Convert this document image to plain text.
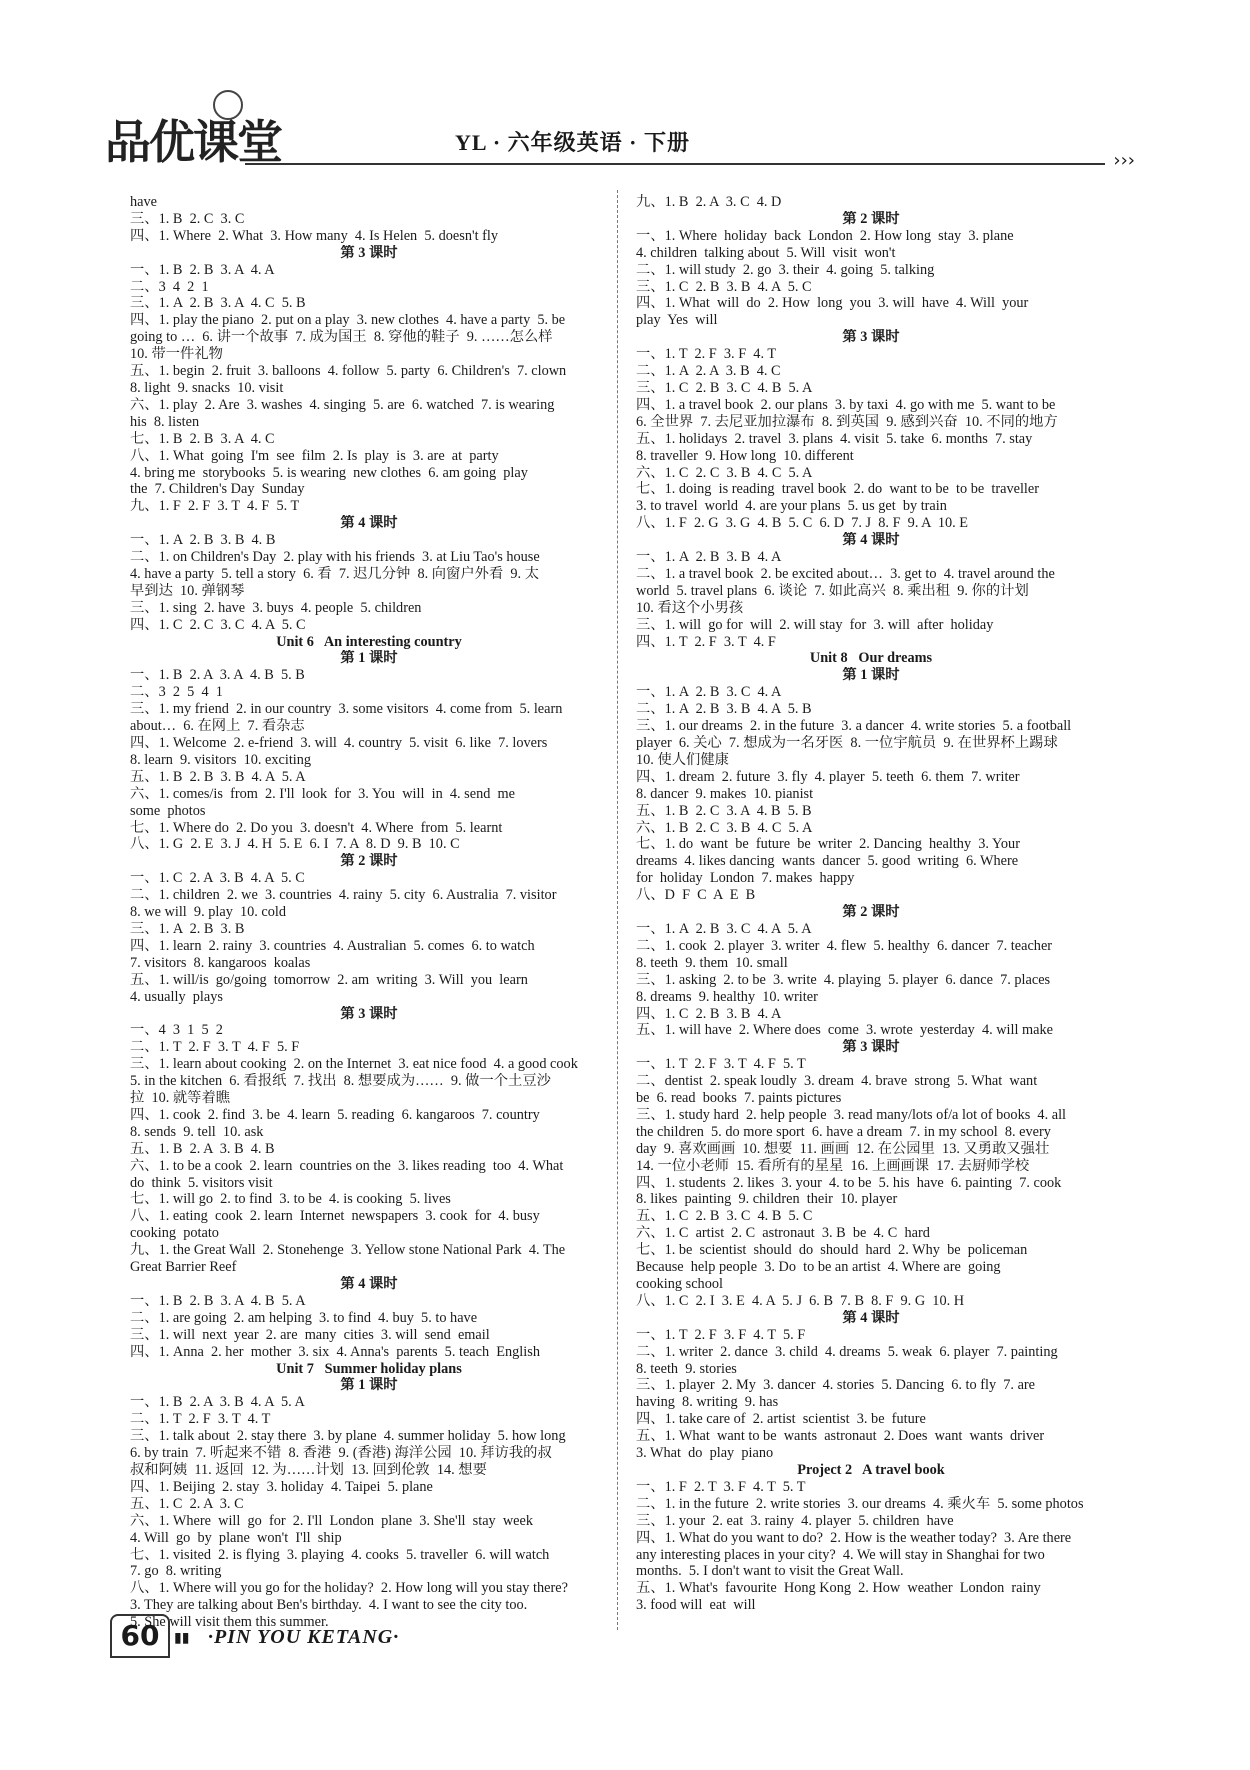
品优课堂	YL · 六年级英语 · 下册
›››
have
三、1. B  2. C  3. C
四、1. Where  2. What  3. How many  4. Is Helen  5. doesn't fly
第 3 课时
一、1. B  2. B  3. A  4. A
二、3  4  2  1
三、1. A  2. B  3. A  4. C  5. B
四、1. play the piano  2. put on a play  3. new clothes  4. have a party  5. be
going to …  6. 讲一个故事  7. 成为国王  8. 穿他的鞋子  9. ……怎么样
10. 带一件礼物
五、1. begin  2. fruit  3. balloons  4. follow  5. party  6. Children's  7. clown
8. light  9. snacks  10. visit
六、1. play  2. Are  3. washes  4. singing  5. are  6. watched  7. is wearing
his  8. listen
七、1. B  2. B  3. A  4. C
八、1. What  going  I'm  see  film  2. Is  play  is  3. are  at  party
4. bring me  storybooks  5. is wearing  new clothes  6. am going  play
the  7. Children's Day  Sunday
九、1. F  2. F  3. T  4. F  5. T
第 4 课时
一、1. A  2. B  3. B  4. B
二、1. on Children's Day  2. play with his friends  3. at Liu Tao's house
4. have a party  5. tell a story  6. 看  7. 迟几分钟  8. 向窗户外看  9. 太
早到达  10. 弹钢琴
三、1. sing  2. have  3. buys  4. people  5. children
四、1. C  2. C  3. C  4. A  5. C
Unit 6   An interesting country
第 1 课时
一、1. B  2. A  3. A  4. B  5. B
二、3  2  5  4  1
三、1. my friend  2. in our country  3. some visitors  4. come from  5. learn
about…  6. 在网上  7. 看杂志
四、1. Welcome  2. e-friend  3. will  4. country  5. visit  6. like  7. lovers
8. learn  9. visitors  10. exciting
五、1. B  2. B  3. B  4. A  5. A
六、1. comes/is  from  2. I'll  look  for  3. You  will  in  4. send  me
some  photos
七、1. Where do  2. Do you  3. doesn't  4. Where  from  5. learnt
八、1. G  2. E  3. J  4. H  5. E  6. I  7. A  8. D  9. B  10. C
第 2 课时
一、1. C  2. A  3. B  4. A  5. C
二、1. children  2. we  3. countries  4. rainy  5. city  6. Australia  7. visitor
8. we will  9. play  10. cold
三、1. A  2. B  3. B
四、1. learn  2. rainy  3. countries  4. Australian  5. comes  6. to watch
7. visitors  8. kangaroos  koalas
五、1. will/is  go/going  tomorrow  2. am  writing  3. Will  you  learn
4. usually  plays
第 3 课时
一、4  3  1  5  2
二、1. T  2. F  3. T  4. F  5. F
三、1. learn about cooking  2. on the Internet  3. eat nice food  4. a good cook
5. in the kitchen  6. 看报纸  7. 找出  8. 想要成为……  9. 做一个土豆沙
拉  10. 就等着瞧
四、1. cook  2. find  3. be  4. learn  5. reading  6. kangaroos  7. country
8. sends  9. tell  10. ask
五、1. B  2. A  3. B  4. B
六、1. to be a cook  2. learn  countries on the  3. likes reading  too  4. What
do  think  5. visitors visit
七、1. will go  2. to find  3. to be  4. is cooking  5. lives
八、1. eating  cook  2. learn  Internet  newspapers  3. cook  for  4. busy
cooking  potato
九、1. the Great Wall  2. Stonehenge  3. Yellow stone National Park  4. The
Great Barrier Reef
第 4 课时
一、1. B  2. B  3. A  4. B  5. A
二、1. are going  2. am helping  3. to find  4. buy  5. to have
三、1. will  next  year  2. are  many  cities  3. will  send  email
四、1. Anna  2. her  mother  3. six  4. Anna's  parents  5. teach  English
Unit 7   Summer holiday plans
第 1 课时
一、1. B  2. A  3. B  4. A  5. A
二、1. T  2. F  3. T  4. T
三、1. talk about  2. stay there  3. by plane  4. summer holiday  5. how long
6. by train  7. 听起来不错  8. 香港  9. (香港) 海洋公园  10. 拜访我的叔
叔和阿姨  11. 返回  12. 为……计划  13. 回到伦敦  14. 想要
四、1. Beijing  2. stay  3. holiday  4. Taipei  5. plane
五、1. C  2. A  3. C
六、1. Where  will  go  for  2. I'll  London  plane  3. She'll  stay  week
4. Will  go  by  plane  won't  I'll  ship
七、1. visited  2. is flying  3. playing  4. cooks  5. traveller  6. will watch
7. go  8. writing
八、1. Where will you go for the holiday?  2. How long will you stay there?
3. They are talking about Ben's birthday.  4. I want to see the city too.
5. She will visit them this summer.
九、1. B  2. A  3. C  4. D
第 2 课时
一、1. Where  holiday  back  London  2. How long  stay  3. plane
4. children  talking about  5. Will  visit  won't
二、1. will study  2. go  3. their  4. going  5. talking
三、1. C  2. B  3. B  4. A  5. C
四、1. What  will  do  2. How  long  you  3. will  have  4. Will  your
play  Yes  will
第 3 课时
一、1. T  2. F  3. F  4. T
二、1. A  2. A  3. B  4. C
三、1. C  2. B  3. C  4. B  5. A
四、1. a travel book  2. our plans  3. by taxi  4. go with me  5. want to be
6. 全世界  7. 去尼亚加拉瀑布  8. 到英国  9. 感到兴奋  10. 不同的地方
五、1. holidays  2. travel  3. plans  4. visit  5. take  6. months  7. stay
8. traveller  9. How long  10. different
六、1. C  2. C  3. B  4. C  5. A
七、1. doing  is reading  travel book  2. do  want to be  to be  traveller
3. to travel  world  4. are your plans  5. us get  by train
八、1. F  2. G  3. G  4. B  5. C  6. D  7. J  8. F  9. A  10. E
第 4 课时
一、1. A  2. B  3. B  4. A
二、1. a travel book  2. be excited about…  3. get to  4. travel around the
world  5. travel plans  6. 谈论  7. 如此高兴  8. 乘出租  9. 你的计划
10. 看这个小男孩
三、1. will  go for  will  2. will stay  for  3. will  after  holiday
四、1. T  2. F  3. T  4. F
Unit 8   Our dreams
第 1 课时
一、1. A  2. B  3. C  4. A
二、1. A  2. B  3. B  4. A  5. B
三、1. our dreams  2. in the future  3. a dancer  4. write stories  5. a football
player  6. 关心  7. 想成为一名牙医  8. 一位宇航员  9. 在世界杯上踢球
10. 使人们健康
四、1. dream  2. future  3. fly  4. player  5. teeth  6. them  7. writer
8. dancer  9. makes  10. pianist
五、1. B  2. C  3. A  4. B  5. B
六、1. B  2. C  3. B  4. C  5. A
七、1. do  want  be  future  be  writer  2. Dancing  healthy  3. Your
dreams  4. likes dancing  wants  dancer  5. good  writing  6. Where
for  holiday  London  7. makes  happy
八、D  F  C  A  E  B
第 2 课时
一、1. A  2. B  3. C  4. A  5. A
二、1. cook  2. player  3. writer  4. flew  5. healthy  6. dancer  7. teacher
8. teeth  9. them  10. small
三、1. asking  2. to be  3. write  4. playing  5. player  6. dance  7. places
8. dreams  9. healthy  10. writer
四、1. C  2. B  3. B  4. A
五、1. will have  2. Where does  come  3. wrote  yesterday  4. will make
第 3 课时
一、1. T  2. F  3. T  4. F  5. T
二、dentist  2. speak loudly  3. dream  4. brave  strong  5. What  want
be  6. read  books  7. paints pictures
三、1. study hard  2. help people  3. read many/lots of/a lot of books  4. all
the children  5. do more sport  6. have a dream  7. in my school  8. every
day  9. 喜欢画画  10. 想要  11. 画画  12. 在公园里  13. 又勇敢又强壮
14. 一位小老师  15. 看所有的星星  16. 上画画课  17. 去厨师学校
四、1. students  2. likes  3. your  4. to be  5. his  have  6. painting  7. cook
8. likes  painting  9. children  their  10. player
五、1. C  2. B  3. C  4. B  5. C
六、1. C  artist  2. C  astronaut  3. B  be  4. C  hard
七、1. be  scientist  should  do  should  hard  2. Why  be  policeman
Because  help people  3. Do  to be an artist  4. Where are  going
cooking school
八、1. C  2. I  3. E  4. A  5. J  6. B  7. B  8. F  9. G  10. H
第 4 课时
一、1. T  2. F  3. F  4. T  5. F
二、1. writer  2. dance  3. child  4. dreams  5. weak  6. player  7. painting
8. teeth  9. stories
三、1. player  2. My  3. dancer  4. stories  5. Dancing  6. to fly  7. are
having  8. writing  9. has
四、1. take care of  2. artist  scientist  3. be  future
五、1. What  want to be  wants  astronaut  2. Does  want  wants  driver
3. What  do  play  piano
Project 2   A travel book
一、1. F  2. T  3. F  4. T  5. T
二、1. in the future  2. write stories  3. our dreams  4. 乘火车  5. some photos
三、1. your  2. eat  3. rainy  4. player  5. children  have
四、1. What do you want to do?  2. How is the weather today?  3. Are there
any interesting places in your city?  4. We will stay in Shanghai for two
months.  5. I don't want to visit the Great Wall.
五、1. What's  favourite  Hong Kong  2. How  weather  London  rainy
3. food will  eat  will
60	▮▮ ·PIN YOU KETANG·
